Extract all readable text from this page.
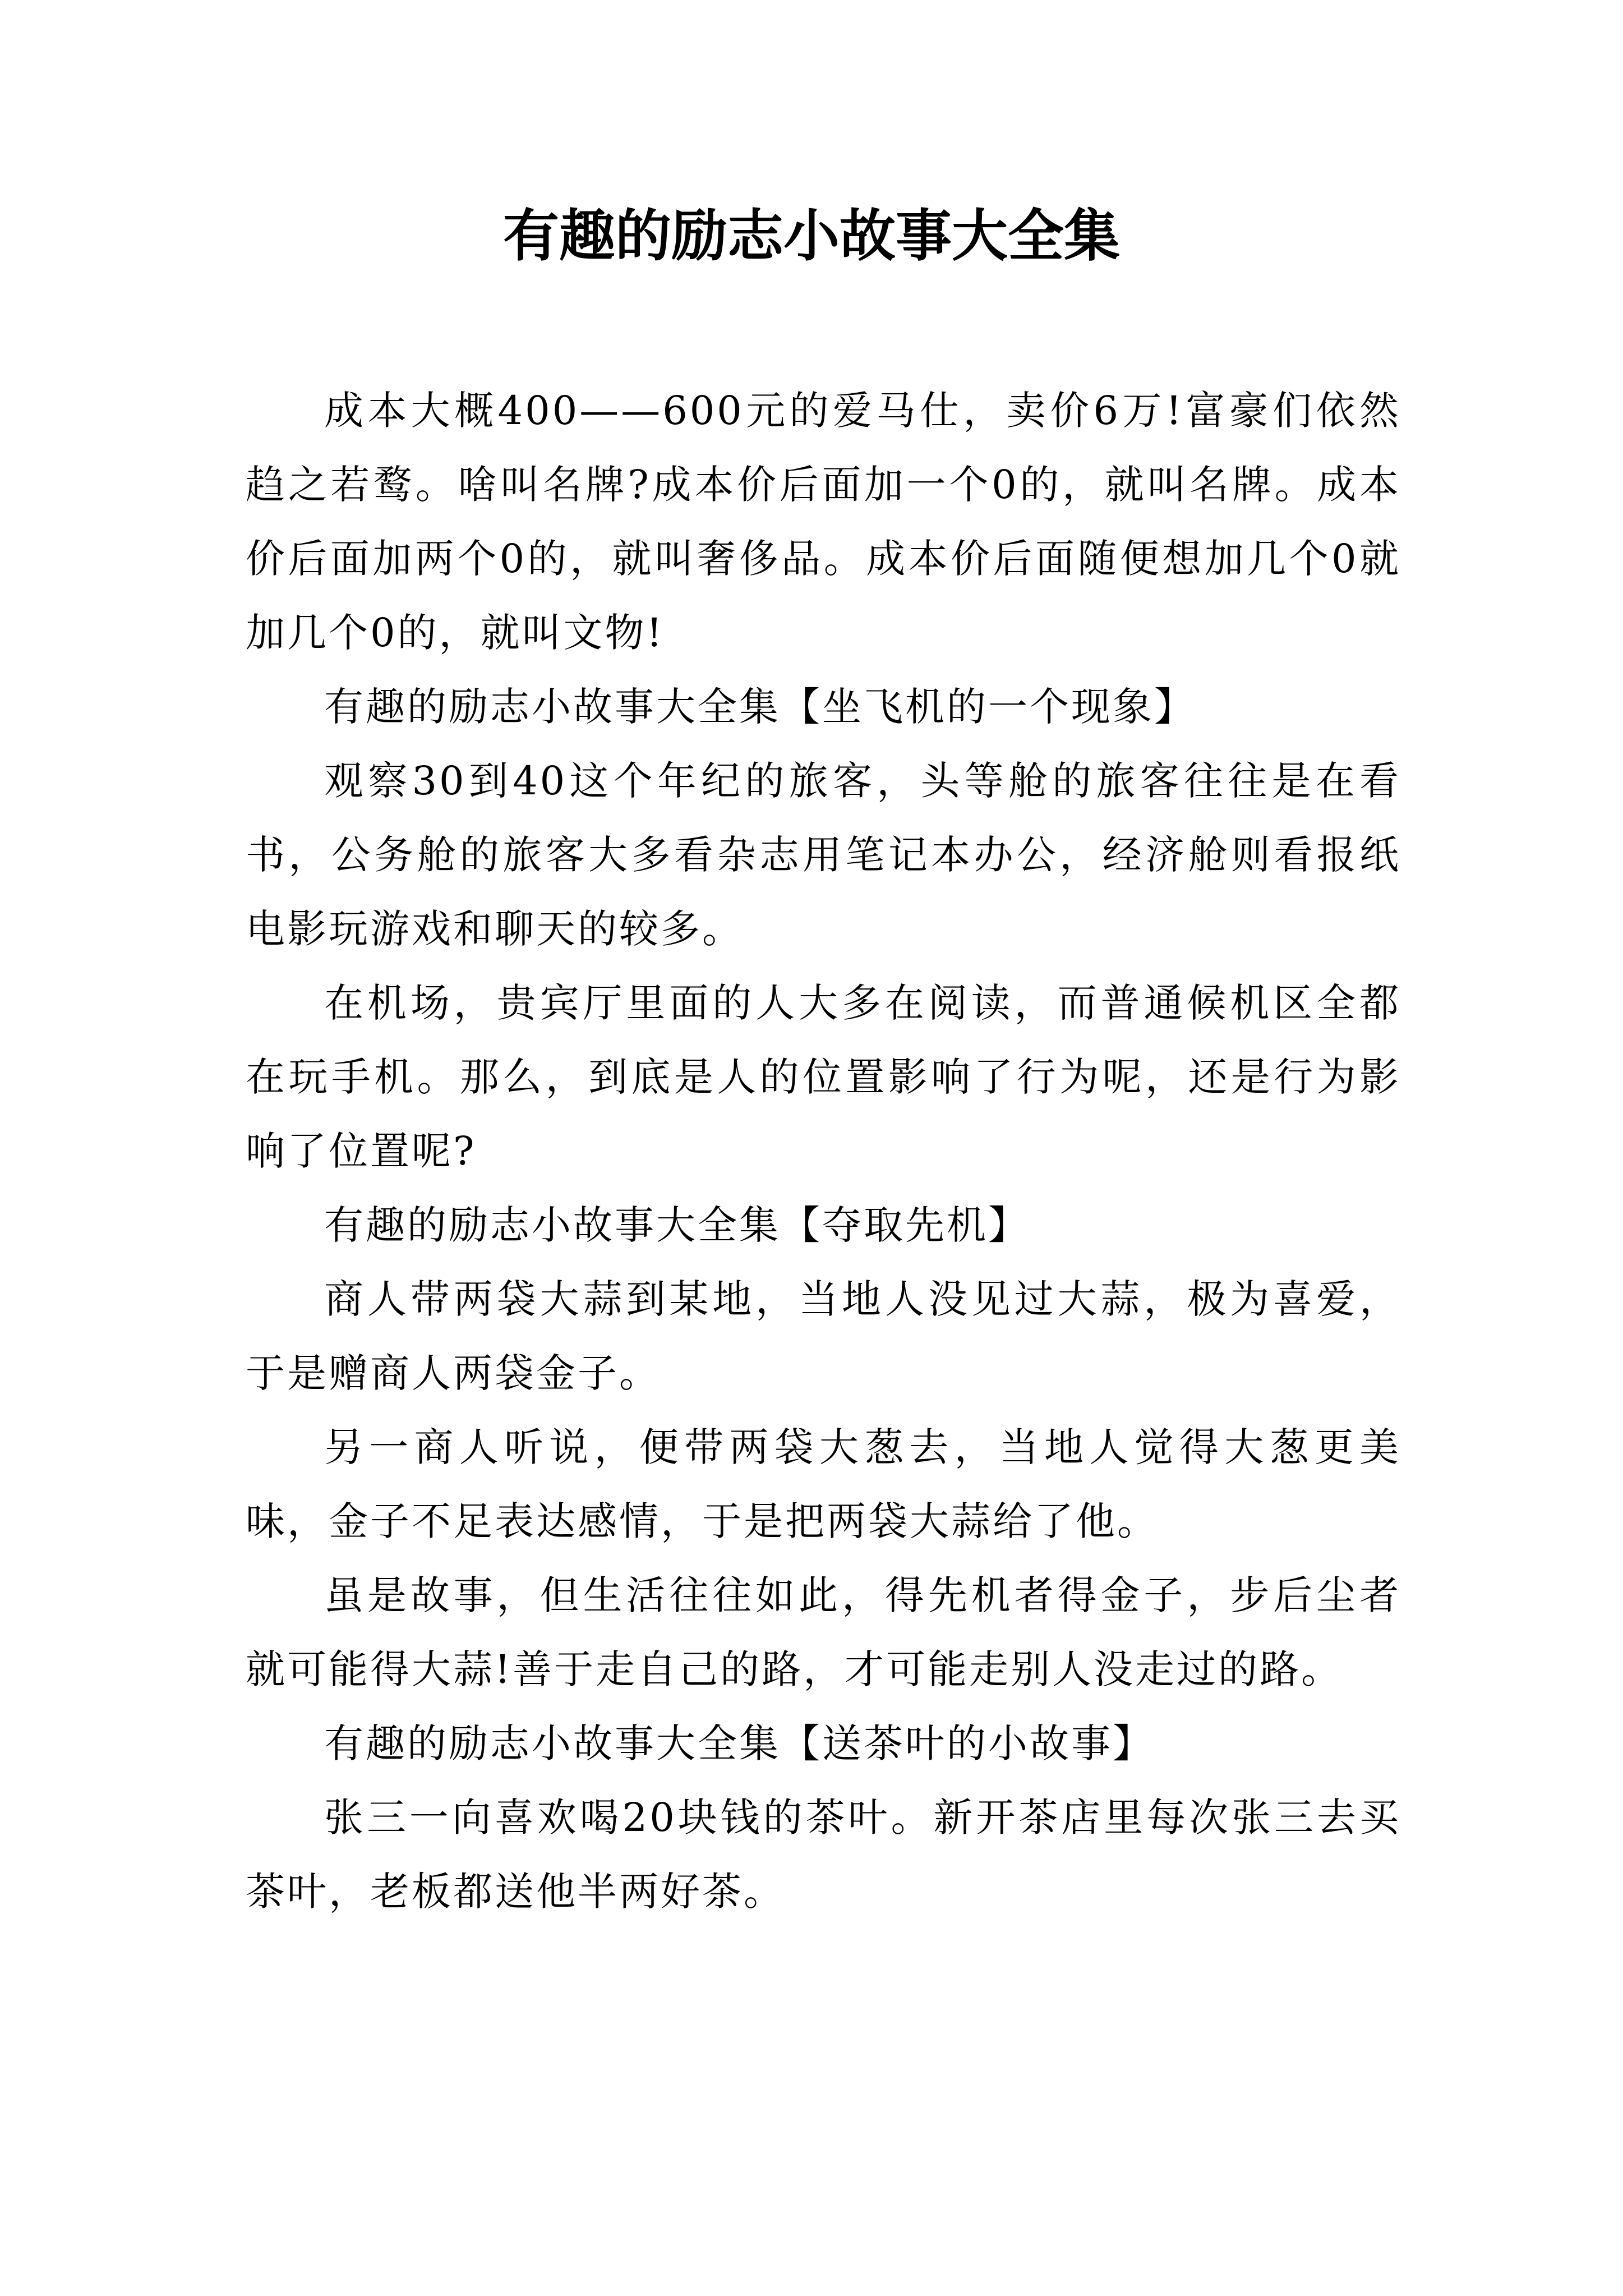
有趣的励志小故事大全集

成本大概400——600元的爱马仕，卖价6万!富豪们依然趋之若鹜。啥叫名牌?成本价后面加一个0的，就叫名牌。成本价后面加两个0的，就叫奢侈品。成本价后面随便想加几个0就加几个0的，就叫文物!

有趣的励志小故事大全集【坐飞机的一个现象】

观察30到40这个年纪的旅客，头等舱的旅客往往是在看书，公务舱的旅客大多看杂志用笔记本办公，经济舱则看报纸电影玩游戏和聊天的较多。

在机场，贵宾厅里面的人大多在阅读，而普通候机区全都在玩手机。那么，到底是人的位置影响了行为呢，还是行为影响了位置呢?

有趣的励志小故事大全集【夺取先机】

商人带两袋大蒜到某地，当地人没见过大蒜，极为喜爱，于是赠商人两袋金子。

另一商人听说，便带两袋大葱去，当地人觉得大葱更美味，金子不足表达感情，于是把两袋大蒜给了他。

虽是故事，但生活往往如此，得先机者得金子，步后尘者就可能得大蒜!善于走自己的路，才可能走别人没走过的路。

有趣的励志小故事大全集【送茶叶的小故事】

张三一向喜欢喝20块钱的茶叶。新开茶店里每次张三去买茶叶，老板都送他半两好茶。
